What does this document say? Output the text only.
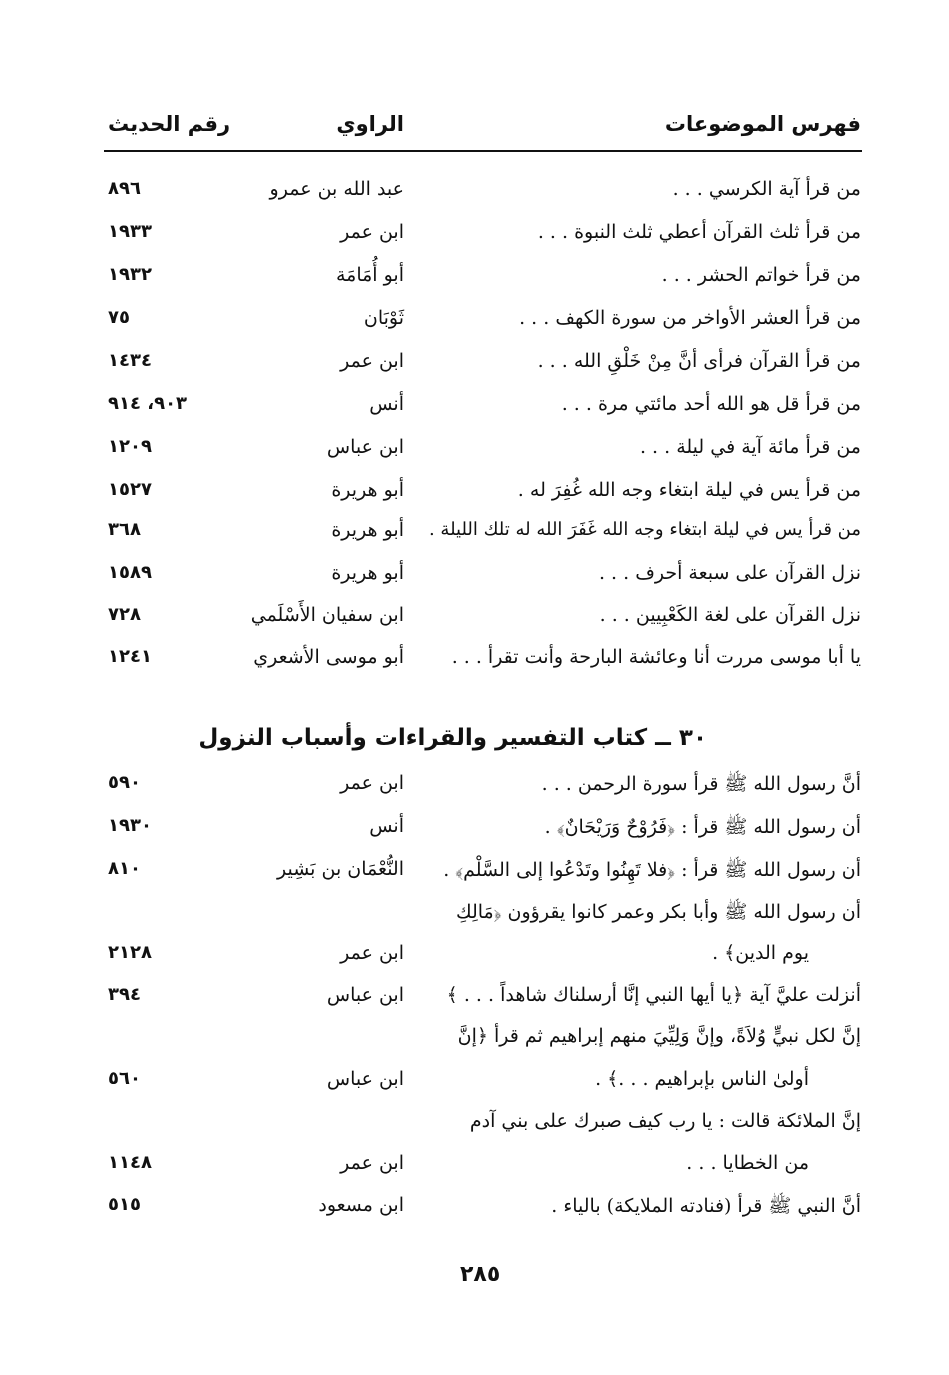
فهرس الموضوعات
الراوي
رقم الحديث
من قرأ آية الكرسي . . .
عبد الله بن عمرو
٨٩٦
من قرأ ثلث القرآن أعطي ثلث النبوة . . .
ابن عمر
١٩٣٣
من قرأ خواتم الحشر . . .
أبو أُمَامَة
١٩٣٢
من قرأ العشر الأواخر من سورة الكهف . . .
ثَوْبَان
٧٥
من قرأ القرآن فرأى أنَّ مِنْ خَلْقِ الله . . .
ابن عمر
١٤٣٤
من قرأ قل هو الله أحد مائتي مرة . . .
أنس
٩٠٣، ٩١٤
من قرأ مائة آية في ليلة . . .
ابن عباس
١٢٠٩
من قرأ يس في ليلة ابتغاء وجه الله غُفِرَ له .
أبو هريرة
١٥٢٧
من قرأ يس في ليلة ابتغاء وجه الله غَفَرَ الله له تلك الليلة .
أبو هريرة
٣٦٨
نزل القرآن على سبعة أحرف . . .
أبو هريرة
١٥٨٩
نزل القرآن على لغة الكَعْبِيين . . .
ابن سفيان الأَسْلَمي
٧٢٨
يا أبا موسى مررت أنا وعائشة البارحة وأنت تقرأ . . .
أبو موسى الأشعري
١٢٤١
٣٠ ــ كتاب التفسير والقراءات وأسباب النزول
أنَّ رسول الله ﷺ قرأ سورة الرحمن . . .
ابن عمر
٥٩٠
أن رسول الله ﷺ قرأ : ﴿فَرُوْحٌ وَرَيْحَانٌ﴾ .
أنس
١٩٣٠
أن رسول الله ﷺ قرأ : ﴿فلا تَهِنُوا وتَدْعُوا إلى السَّلْم﴾ .
النُّعْمَان بن بَشِير
٨١٠
أن رسول الله ﷺ وأبا بكر وعمر كانوا يقرؤون ﴿مَالِكِ
يوم الدين﴾ .
ابن عمر
٢١٢٨
أنزلت عليَّ آية ﴿يا أيها النبي إنَّا أرسلناك شاهداً . . . ﴾
ابن عباس
٣٩٤
إنَّ لكل نبيٍّ وُلاَةً، وإنَّ وَلِيِّيَ منهم إبراهيم ثم قرأ ﴿إنَّ
أولىٰ الناس بإبراهيم . . .﴾ .
ابن عباس
٥٦٠
إنَّ الملائكة قالت : يا رب كيف صبرك على بني آدم
من الخطايا . . .
ابن عمر
١١٤٨
أنَّ النبي ﷺ قرأ (فنادته الملايكة) بالياء .
ابن مسعود
٥١٥
٢٨٥
